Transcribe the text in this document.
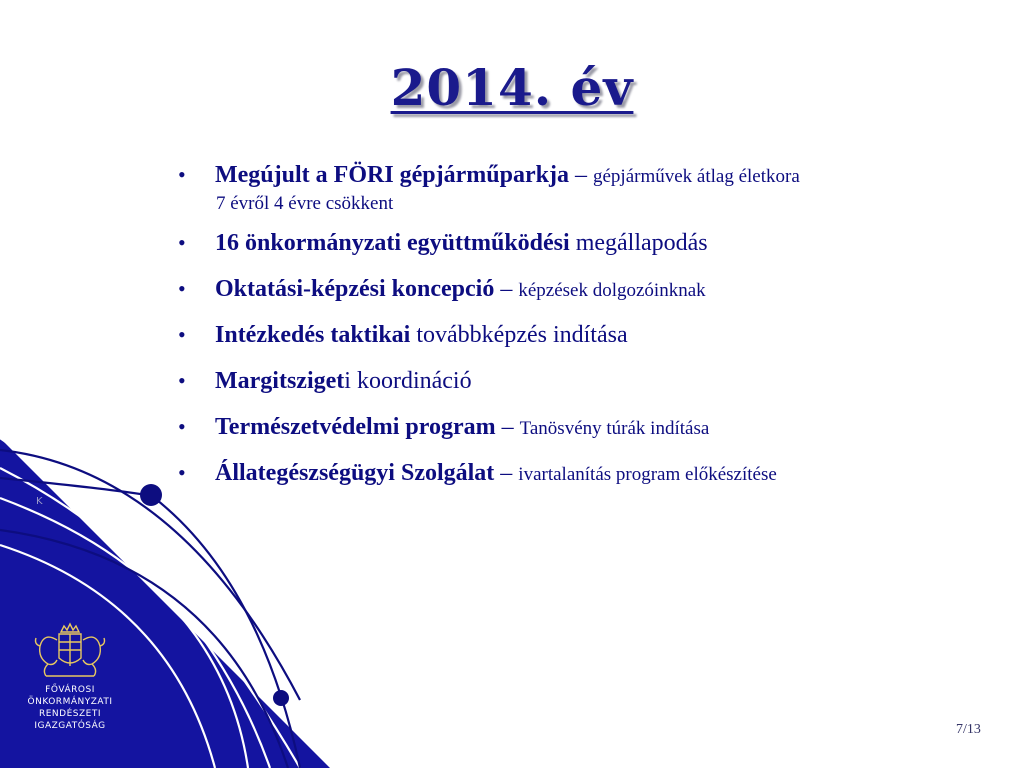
K
2014. év
• Megújult a FÖRI gépjárműparkja – gépjárművek átlag életkora
7 évről 4 évre csökkent
• 16 önkormányzati együttműködési megállapodás
• Oktatási-képzési koncepció – képzések dolgozóinknak
• Intézkedés taktikai továbbképzés indítása
• Margitszigeti koordináció
• Természetvédelmi program – Tanösvény túrák indítása
• Állategészségügyi Szolgálat – ivartalanítás program előkészítése
FŐVÁROSI
ÖNKORMÁNYZATI
RENDÉSZETI
IGAZGATÓSÁG	7/13
